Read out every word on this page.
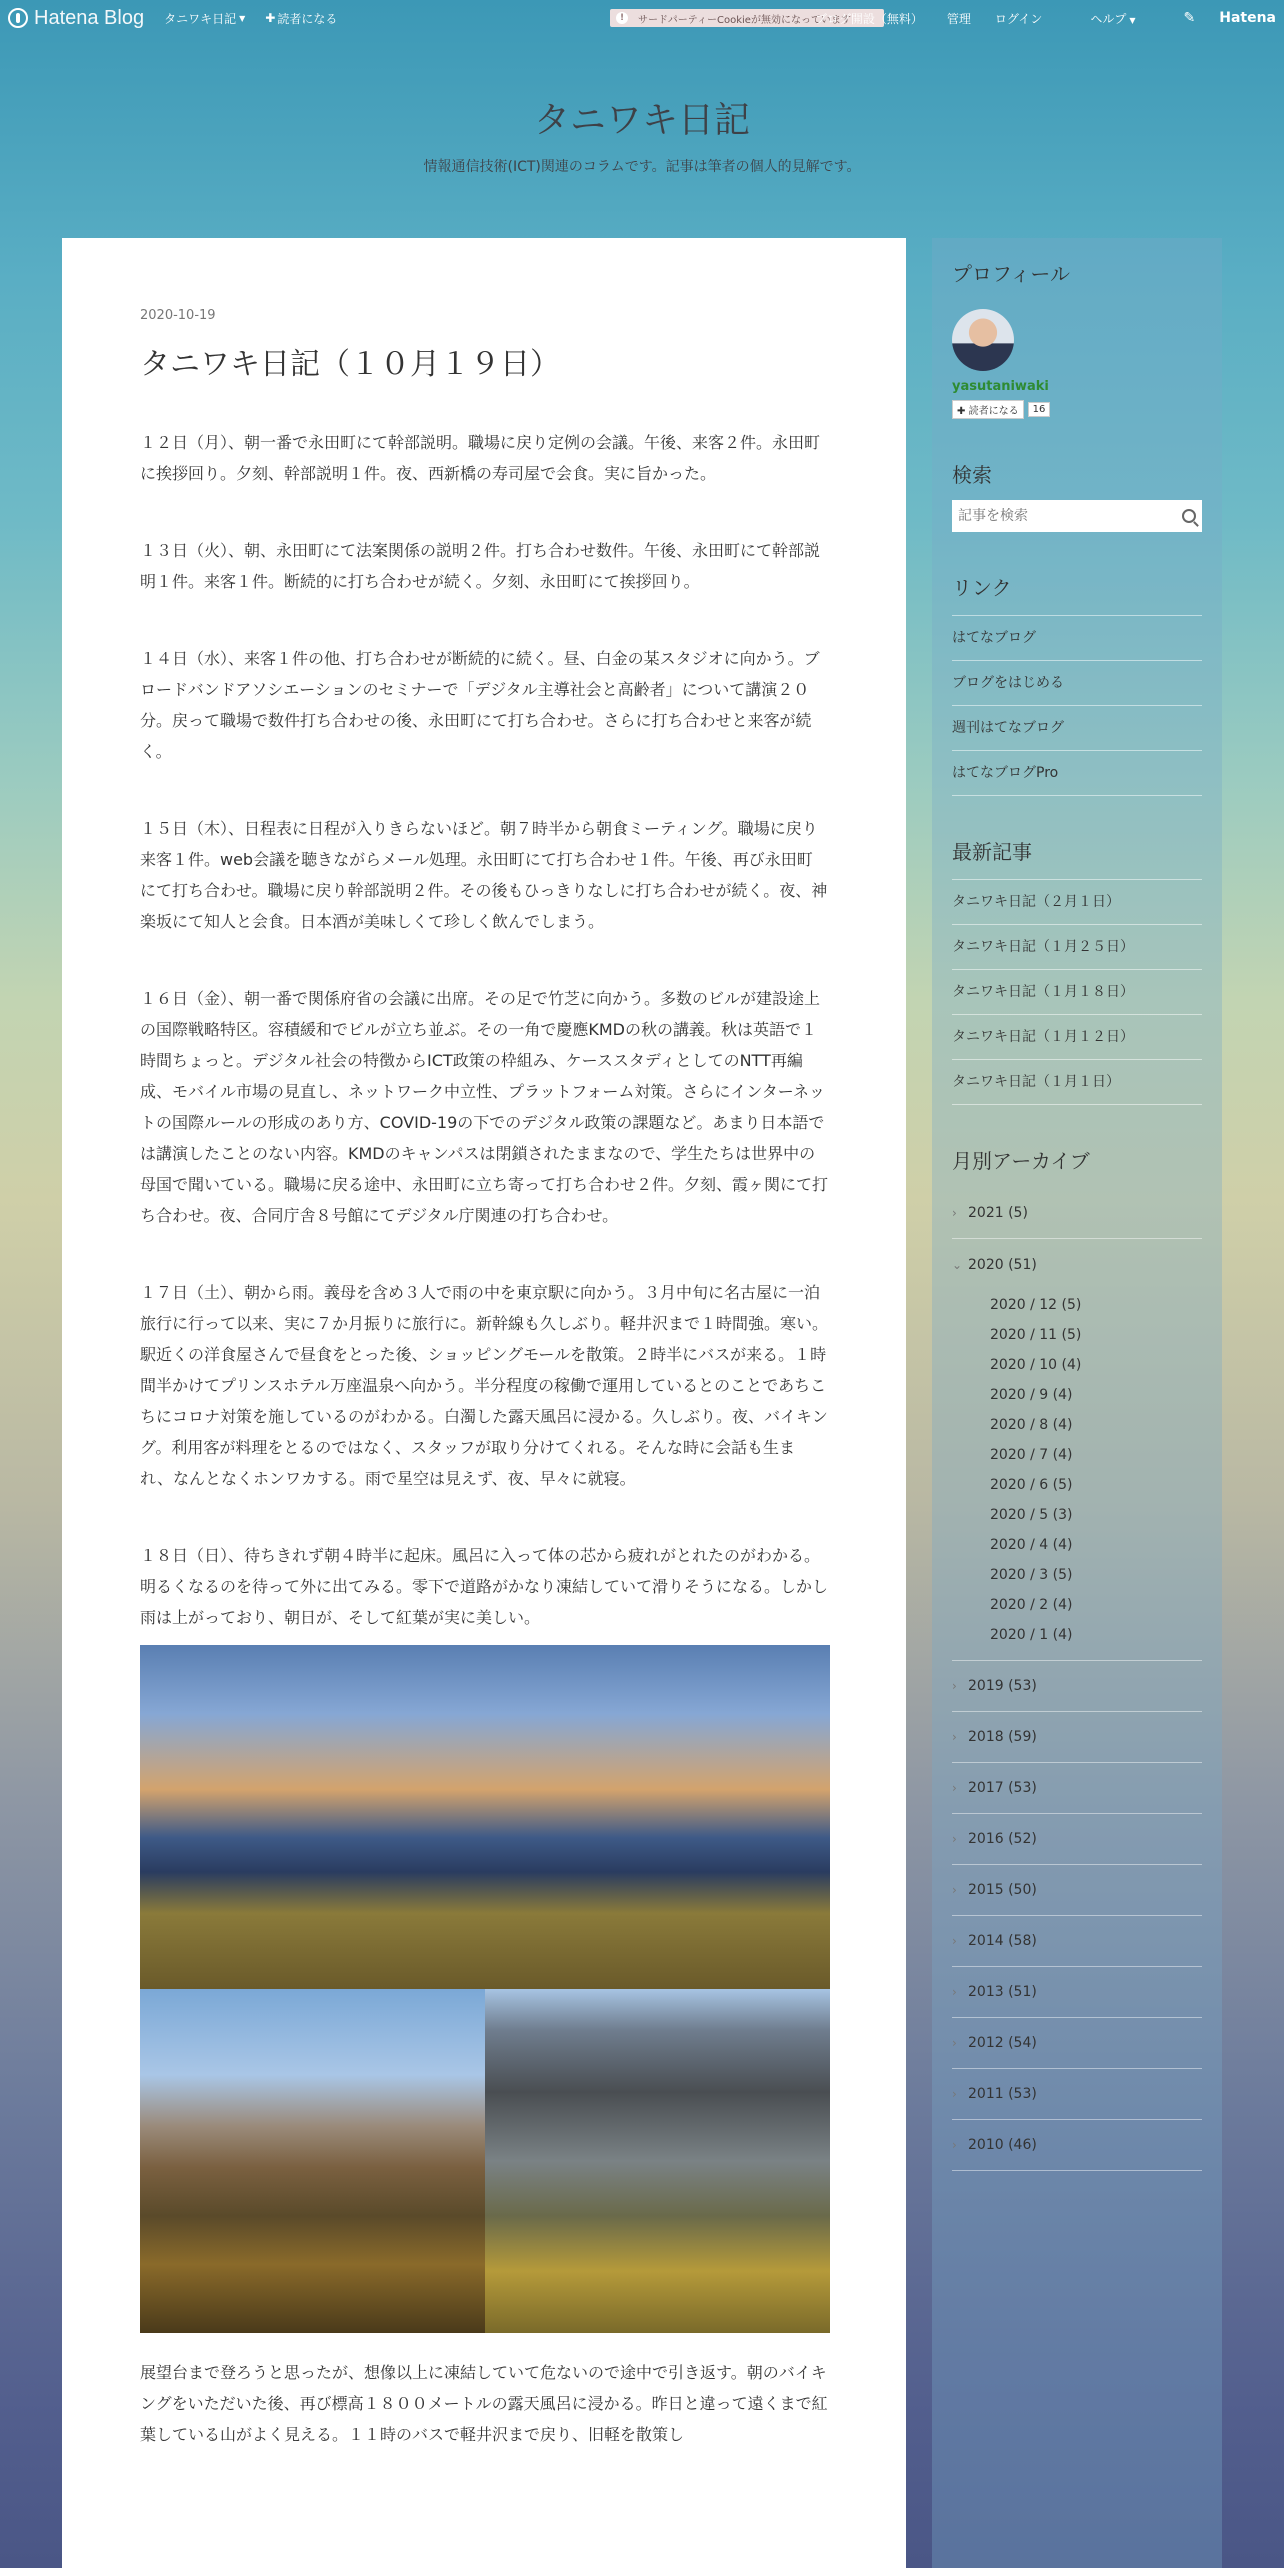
Hatena Blog タニワキ日記 ▼ ✚ 読者になる	!	サードパーティーCookieが無効になっています
ブログ開設（無料） 管理 ログイン	ヘルプ ▼	✎ Hatena
タニワキ日記
情報通信技術(ICT)関連のコラムです。記事は筆者の個人的見解です。
2020-10-19
タニワキ日記（１０月１９日）

１２日（月）、朝一番で永田町にて幹部説明。職場に戻り定例の会議。午後、来客２件。永田町に挨拶回り。夕刻、幹部説明１件。夜、西新橋の寿司屋で会食。実に旨かった。

１３日（火）、朝、永田町にて法案関係の説明２件。打ち合わせ数件。午後、永田町にて幹部説明１件。来客１件。断続的に打ち合わせが続く。夕刻、永田町にて挨拶回り。

１４日（水）、来客１件の他、打ち合わせが断続的に続く。昼、白金の某スタジオに向かう。ブロードバンドアソシエーションのセミナーで「デジタル主導社会と高齢者」について講演２０分。戻って職場で数件打ち合わせの後、永田町にて打ち合わせ。さらに打ち合わせと来客が続く。

１５日（木）、日程表に日程が入りきらないほど。朝７時半から朝食ミーティング。職場に戻り来客１件。web会議を聴きながらメール処理。永田町にて打ち合わせ１件。午後、再び永田町にて打ち合わせ。職場に戻り幹部説明２件。その後もひっきりなしに打ち合わせが続く。夜、神楽坂にて知人と会食。日本酒が美味しくて珍しく飲んでしまう。

１６日（金）、朝一番で関係府省の会議に出席。その足で竹芝に向かう。多数のビルが建設途上の国際戦略特区。容積緩和でビルが立ち並ぶ。その一角で慶應KMDの秋の講義。秋は英語で１時間ちょっと。デジタル社会の特徴からICT政策の枠組み、ケーススタディとしてのNTT再編成、モバイル市場の見直し、ネットワーク中立性、プラットフォーム対策。さらにインターネットの国際ルールの形成のあり方、COVID-19の下でのデジタル政策の課題など。あまり日本語では講演したことのない内容。KMDのキャンパスは閉鎖されたままなので、学生たちは世界中の母国で聞いている。職場に戻る途中、永田町に立ち寄って打ち合わせ２件。夕刻、霞ヶ関にて打ち合わせ。夜、合同庁舎８号館にてデジタル庁関連の打ち合わせ。

１７日（土）、朝から雨。義母を含め３人で雨の中を東京駅に向かう。３月中旬に名古屋に一泊旅行に行って以来、実に７か月振りに旅行に。新幹線も久しぶり。軽井沢まで１時間強。寒い。駅近くの洋食屋さんで昼食をとった後、ショッピングモールを散策。２時半にバスが来る。１時間半かけてプリンスホテル万座温泉へ向かう。半分程度の稼働で運用しているとのことであちこちにコロナ対策を施しているのがわかる。白濁した露天風呂に浸かる。久しぶり。夜、バイキング。利用客が料理をとるのではなく、スタッフが取り分けてくれる。そんな時に会話も生まれ、なんとなくホンワカする。雨で星空は見えず、夜、早々に就寝。

１８日（日）、待ちきれず朝４時半に起床。風呂に入って体の芯から疲れがとれたのがわかる。明るくなるのを待って外に出てみる。零下で道路がかなり凍結していて滑りそうになる。しかし雨は上がっており、朝日が、そして紅葉が実に美しい。

展望台まで登ろうと思ったが、想像以上に凍結していて危ないので途中で引き返す。朝のバイキングをいただいた後、再び標高１８００メートルの露天風呂に浸かる。昨日と違って遠くまで紅葉している山がよく見える。１１時のバスで軽井沢まで戻り、旧軽を散策し

プロフィール
yasutaniwaki
✚ 読者になる	16
検索
記事を検索
リンク
はてなブログ
ブログをはじめる
週刊はてなブログ
はてなブログPro
最新記事
タニワキ日記（２月１日）
タニワキ日記（１月２５日）
タニワキ日記（１月１８日）
タニワキ日記（１月１２日）
タニワキ日記（１月１日）
月別アーカイブ
› 2021 (5)
⌄ 2020 (51)
2020 / 12 (5)
2020 / 11 (5)
2020 / 10 (4)
2020 / 9 (4)
2020 / 8 (4)
2020 / 7 (4)
2020 / 6 (5)
2020 / 5 (3)
2020 / 4 (4)
2020 / 3 (5)
2020 / 2 (4)
2020 / 1 (4)
› 2019 (53)
› 2018 (59)
› 2017 (53)
› 2016 (52)
› 2015 (50)
› 2014 (58)
› 2013 (51)
› 2012 (54)
› 2011 (53)
› 2010 (46)
